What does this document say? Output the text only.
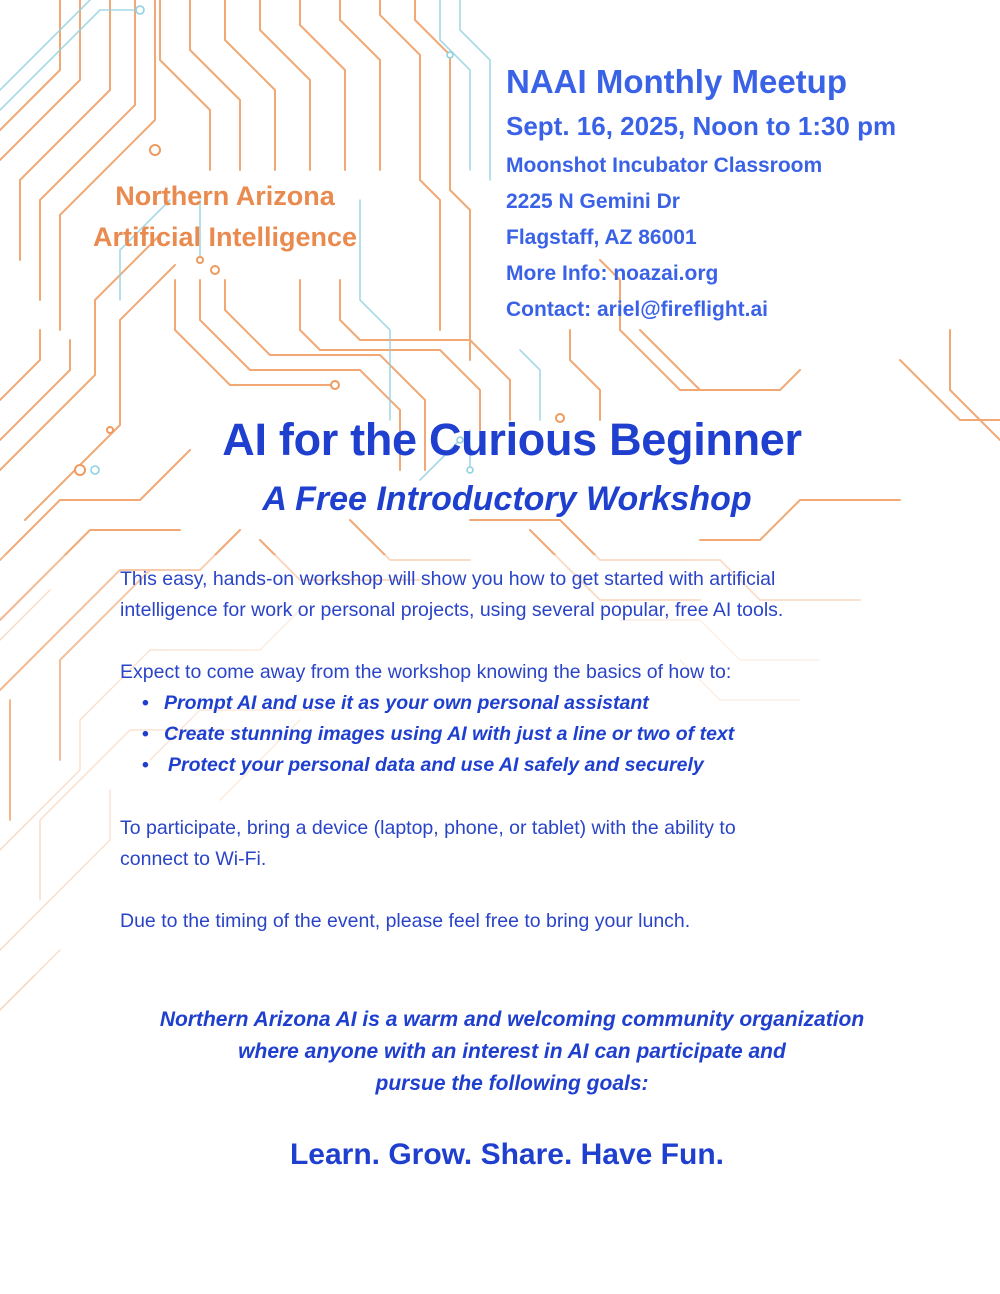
Northern Arizona
Artificial Intelligence
NAAI Monthly Meetup
Sept. 16, 2025, Noon to 1:30 pm
Moonshot Incubator Classroom
2225 N Gemini Dr
Flagstaff, AZ 86001
More Info: noazai.org
Contact: ariel@fireflight.ai
AI for the Curious Beginner
A Free Introductory Workshop
This easy, hands-on workshop will show you how to get started with artificial
intelligence for work or personal projects, using several popular, free AI tools.
Expect to come away from the workshop knowing the basics of how to:
• Prompt AI and use it as your own personal assistant
• Create stunning images using AI with just a line or two of text
• Protect your personal data and use AI safely and securely
To participate, bring a device (laptop, phone, or tablet) with the ability to
connect to Wi-Fi.
Due to the timing of the event, please feel free to bring your lunch.
Northern Arizona AI is a warm and welcoming community organization
where anyone with an interest in AI can participate and
pursue the following goals:
Learn. Grow. Share. Have Fun.
